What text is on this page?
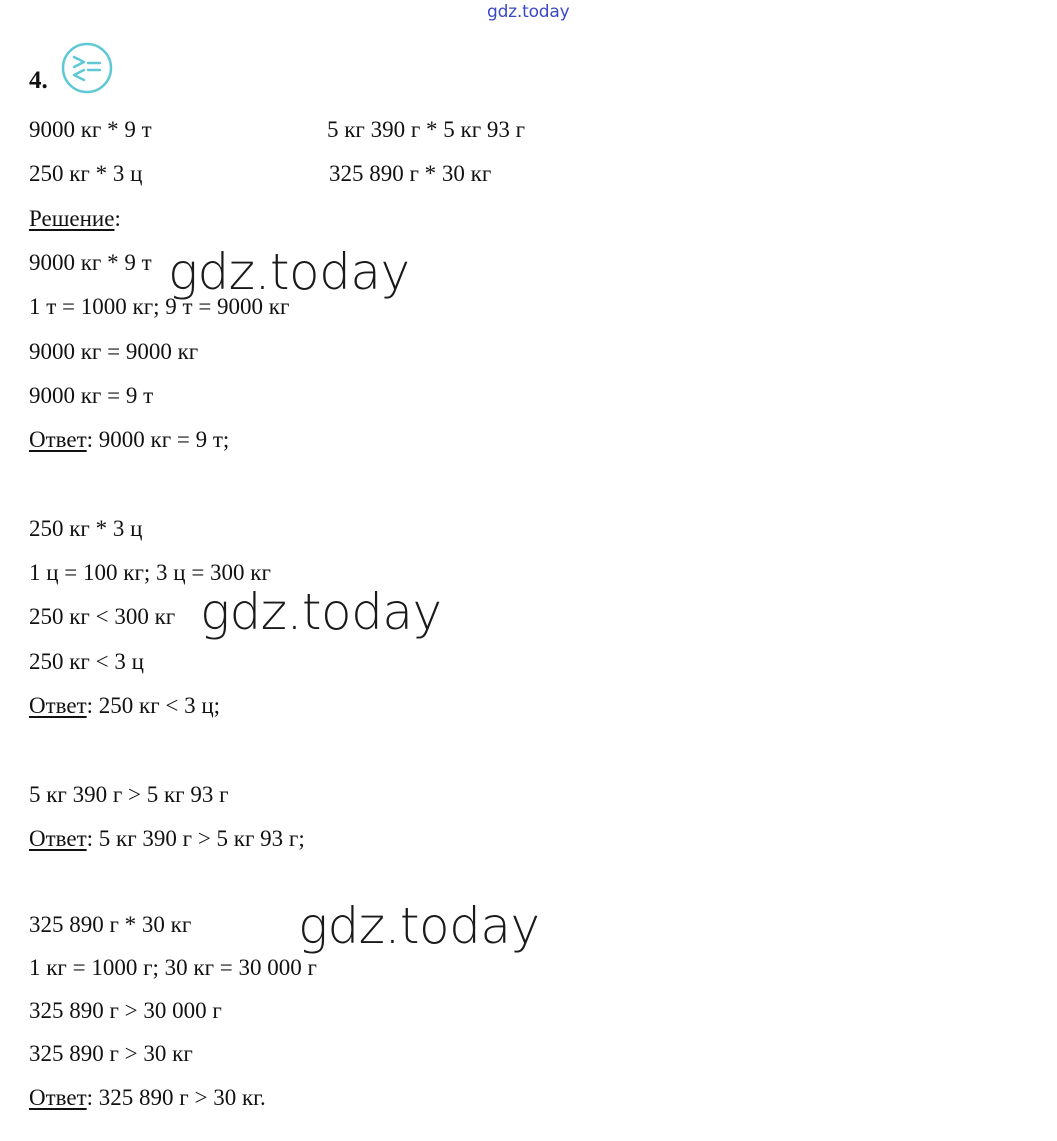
gdz.today
4.
9000 кг * 9 т	5 кг 390 г * 5 кг 93 г
250 кг * 3 ц	325 890 г * 30 кг
Решение:
9000 кг * 9 т
1 т = 1000 кг; 9 т = 9000 кг
9000 кг = 9000 кг
9000 кг = 9 т
Ответ: 9000 кг = 9 т;
250 кг * 3 ц
1 ц = 100 кг; 3 ц = 300 кг
250 кг < 300 кг
250 кг < 3 ц
Ответ: 250 кг < 3 ц;
5 кг 390 г > 5 кг 93 г
Ответ: 5 кг 390 г > 5 кг 93 г;
325 890 г * 30 кг
1 кг = 1000 г; 30 кг = 30 000 г
325 890 г > 30 000 г
325 890 г > 30 кг
Ответ: 325 890 г > 30 кг.
gdz.today
gdz.today
gdz.today
